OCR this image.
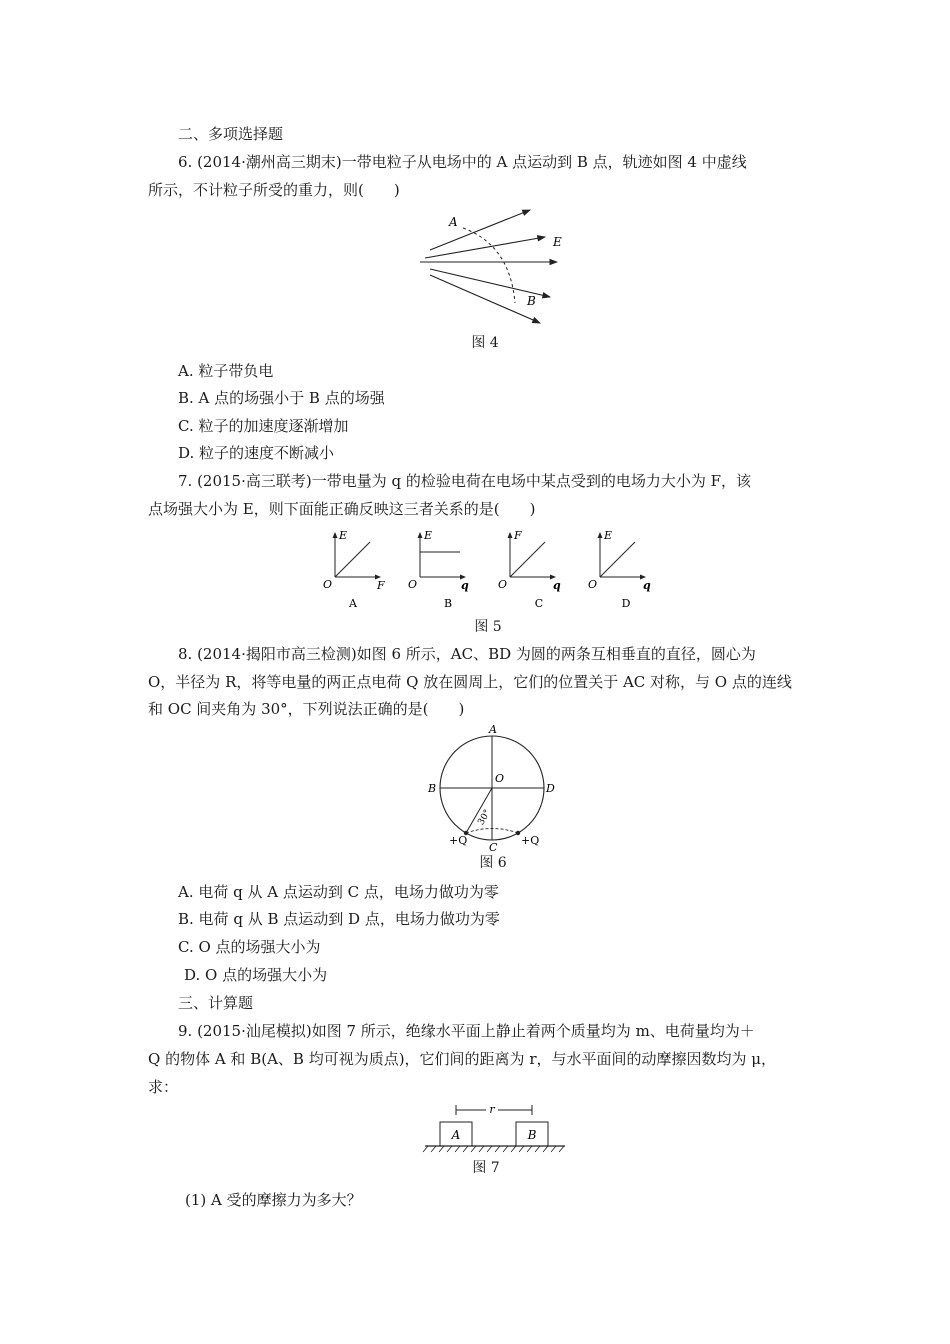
二、多项选择题
6. (2014·潮州高三期末)一带电粒子从电场中的 A 点运动到 B 点，轨迹如图 4 中虚线
所示，不计粒子所受的重力，则(　　)
A
E
B
图 4
A. 粒子带负电
B. A 点的场强小于 B 点的场强
C. 粒子的加速度逐渐增加
D. 粒子的速度不断减小
7. (2015·高三联考)一带电量为 q 的检验电荷在电场中某点受到的电场力大小为 F，该
点场强大小为 E，则下面能正确反映这三者关系的是(　　)
E
O	F
A
E
O	q
B
F
O	q
C
E
O	q
D
图 5
8. (2014·揭阳市高三检测)如图 6 所示，AC、BD 为圆的两条互相垂直的直径，圆心为
O，半径为 R，将等电量的两正点电荷 Q 放在圆周上，它们的位置关于 AC 对称，与 O 点的连线
和 OC 间夹角为 30°，下列说法正确的是(　　)
A
B	D
O
C
30°
+Q	+Q
图 6
A. 电荷 q 从 A 点运动到 C 点，电场力做功为零
B. 电荷 q 从 B 点运动到 D 点，电场力做功为零
C. O 点的场强大小为
D. O 点的场强大小为
三、计算题
9. (2015·汕尾模拟)如图 7 所示，绝缘水平面上静止着两个质量均为 m、电荷量均为＋
Q 的物体 A 和 B(A、B 均可视为质点)，它们间的距离为 r，与水平面间的动摩擦因数均为 μ，
求：
r
A	B
图 7
(1) A 受的摩擦力为多大？
